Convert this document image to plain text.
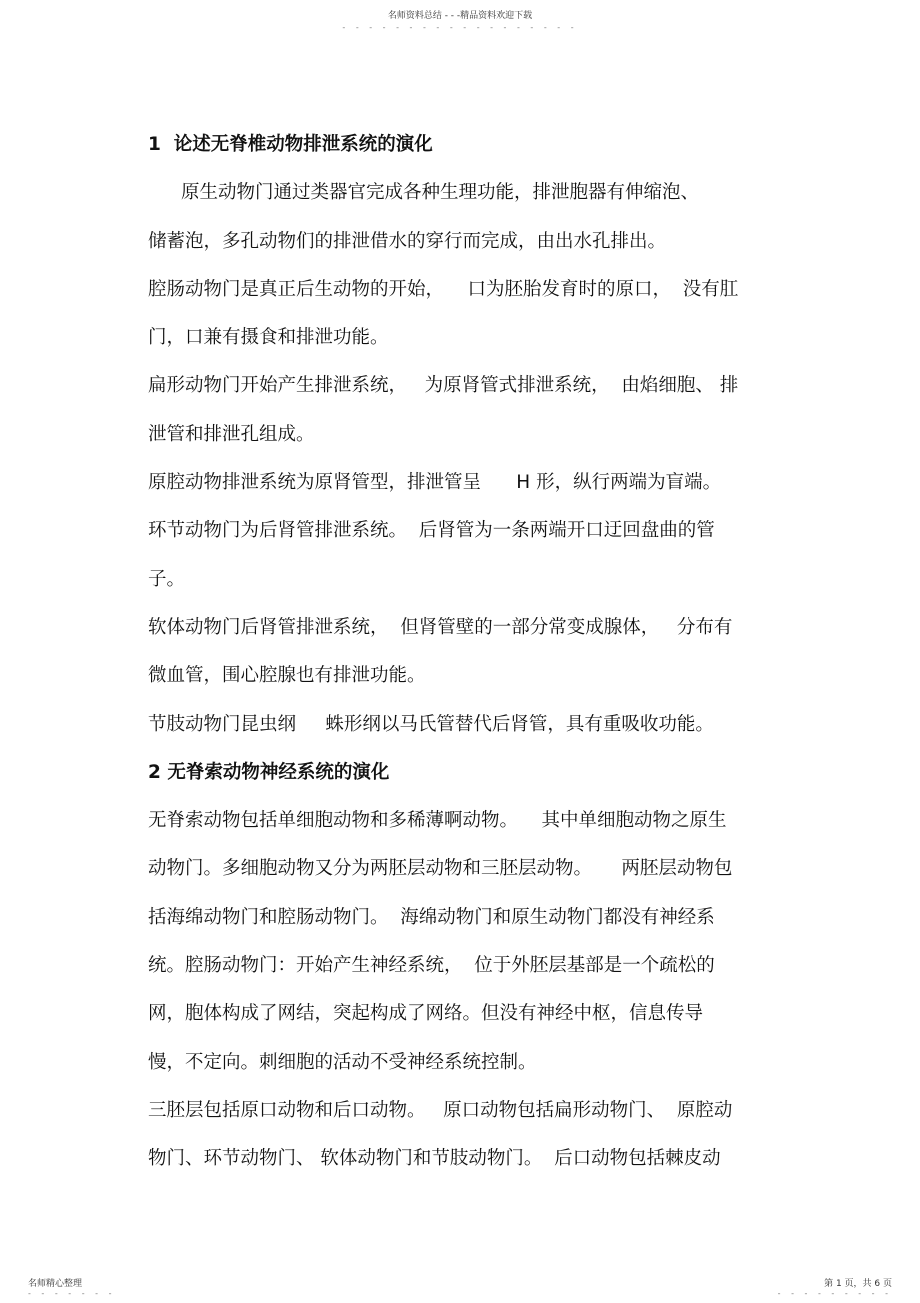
名师资料总结 - - -精品资料欢迎下载
- - - - - - - - - - - - - - - - - -
1  论述无脊椎动物排泄系统的演化
原生动物门通过类器官完成各种生理功能，排泄胞器有伸缩泡、
储蓄泡，多孔动物们的排泄借水的穿行而完成，由出水孔排出。
腔肠动物门是真正后生动物的开始，    口为胚胎发育时的原口，  没有肛
门，口兼有摄食和排泄功能。
扁形动物门开始产生排泄系统，   为原肾管式排泄系统，  由焰细胞、 排
泄管和排泄孔组成。
原腔动物排泄系统为原肾管型，排泄管呈      H 形，纵行两端为盲端。
环节动物门为后肾管排泄系统。  后肾管为一条两端开口迂回盘曲的管
子。
软体动物门后肾管排泄系统，  但肾管壁的一部分常变成腺体，   分布有
微血管，围心腔腺也有排泄功能。
节肢动物门昆虫纲     蛛形纲以马氏管替代后肾管，具有重吸收功能。
2 无脊索动物神经系统的演化
无脊索动物包括单细胞动物和多稀薄啊动物。    其中单细胞动物之原生
动物门。多细胞动物又分为两胚层动物和三胚层动物。     两胚层动物包
括海绵动物门和腔肠动物门。  海绵动物门和原生动物门都没有神经系
统。腔肠动物门：开始产生神经系统，  位于外胚层基部是一个疏松的
网，胞体构成了网结，突起构成了网络。但没有神经中枢，信息传导
慢，不定向。刺细胞的活动不受神经系统控制。
三胚层包括原口动物和后口动物。   原口动物包括扁形动物门、  原腔动
物门、环节动物门、 软体动物门和节肢动物门。  后口动物包括棘皮动
名师精心整理
- - - - - - -
第 1 页，共 6 页
- - - - - - - - -
